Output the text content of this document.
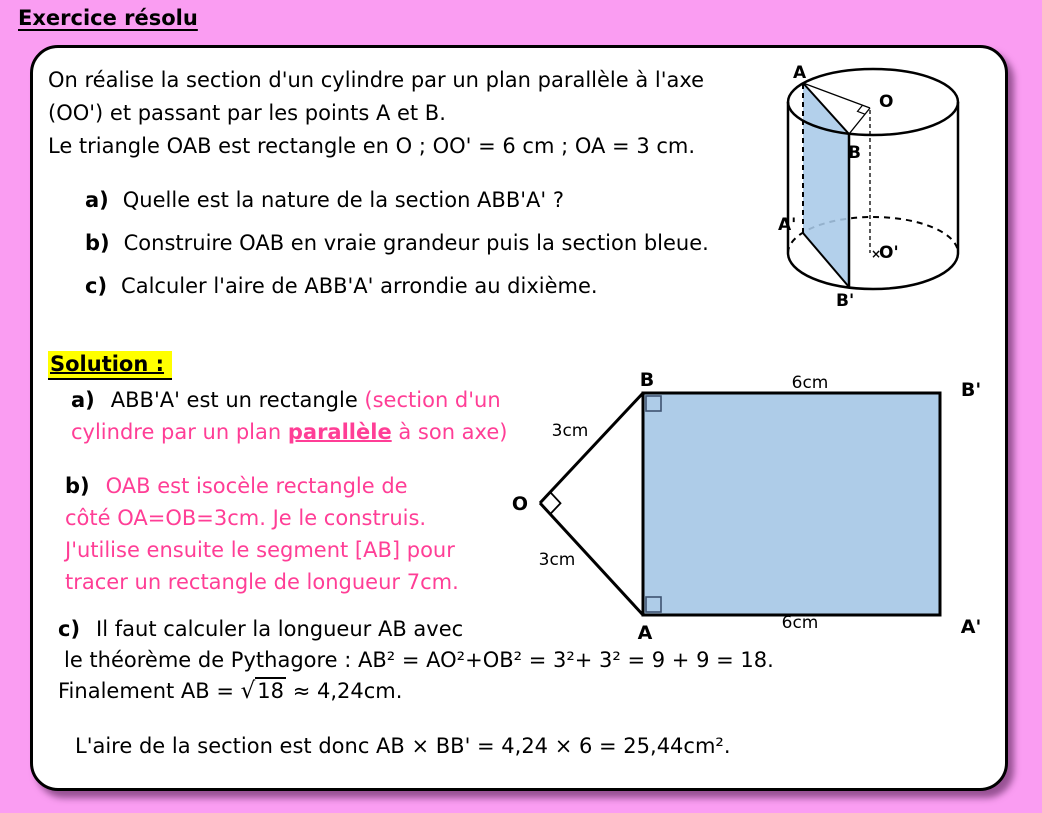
Exercice résolu
On réalise la section d'un cylindre par un plan parallèle à l'axe
(OO') et passant par les points A et B.
Le triangle OAB est rectangle en O ; OO' = 6 cm ; OA = 3 cm.
a) Quelle est la nature de la section ABB'A' ?
b) Construire OAB en vraie grandeur puis la section bleue.
c) Calculer l'aire de ABB'A' arrondie au dixième.
A
O
B
A'
×
O'
B'
Solution :
a) ABB'A' est un rectangle (section d'un
cylindre par un plan parallèle à son axe)
b) OAB est isocèle rectangle de
côté OA=OB=3cm. Je le construis.
J'utilise ensuite le segment [AB] pour
tracer un rectangle de longueur 7cm.
c) Il faut calculer la longueur AB avec
le théorème de Pythagore : AB² = AO²+OB² = 3²+ 3² = 9 + 9 = 18.
Finalement AB = √18 ≈ 4,24cm.
L'aire de la section est donc AB × BB' = 4,24 × 6 = 25,44cm².
O
B	B'
A	A'
3cm
3cm
6cm
6cm
